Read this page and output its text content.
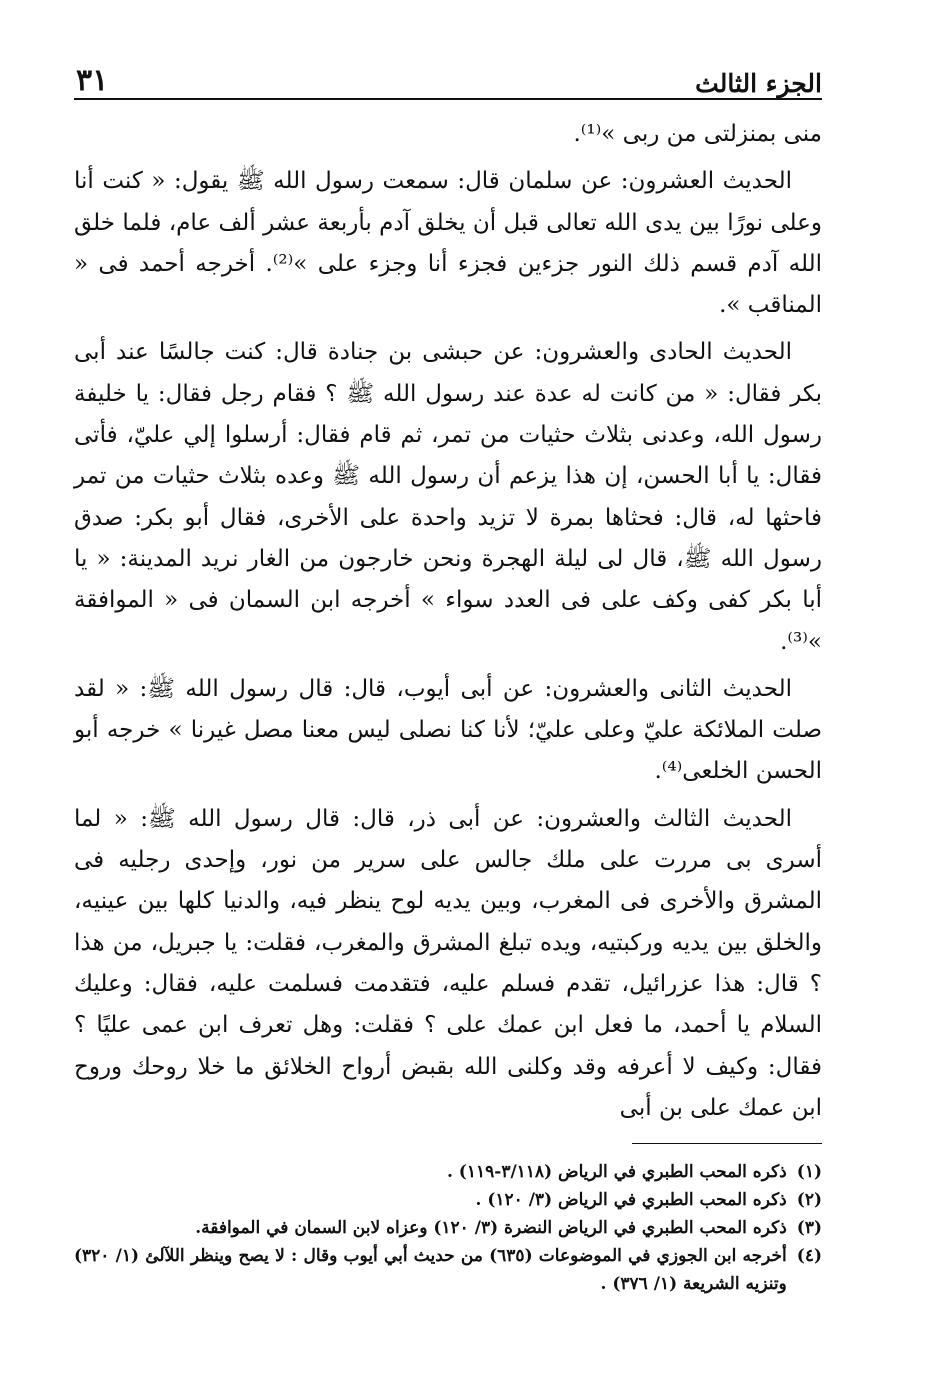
الجزء الثالث
٣١

منى بمنزلتى من ربى »⁽¹⁾.

الحديث العشرون: عن سلمان قال: سمعت رسول الله ﷺ يقول: « كنت أنا وعلى نورًا بين يدى الله تعالى قبل أن يخلق آدم بأربعة عشر ألف عام، فلما خلق الله آدم قسم ذلك النور جزءين فجزء أنا وجزء على »⁽²⁾. أخرجه أحمد فى « المناقب ».

الحديث الحادى والعشرون: عن حبشى بن جنادة قال: كنت جالسًا عند أبى بكر فقال: « من كانت له عدة عند رسول الله ﷺ ؟ فقام رجل فقال: يا خليفة رسول الله، وعدنى بثلاث حثيات من تمر، ثم قام فقال: أرسلوا إلي عليّ، فأتى فقال: يا أبا الحسن، إن هذا يزعم أن رسول الله ﷺ وعده بثلاث حثيات من تمر فاحثها له، قال: فحثاها بمرة لا تزيد واحدة على الأخرى، فقال أبو بكر: صدق رسول الله ﷺ، قال لى ليلة الهجرة ونحن خارجون من الغار نريد المدينة: « يا أبا بكر كفى وكف على فى العدد سواء » أخرجه ابن السمان فى « الموافقة »⁽³⁾.

الحديث الثانى والعشرون: عن أبى أيوب، قال: قال رسول الله ﷺ: « لقد صلت الملائكة عليّ وعلى عليّ؛ لأنا كنا نصلى ليس معنا مصل غيرنا » خرجه أبو الحسن الخلعى⁽⁴⁾.

الحديث الثالث والعشرون: عن أبى ذر، قال: قال رسول الله ﷺ: « لما أسرى بى مررت على ملك جالس على سرير من نور، وإحدى رجليه فى المشرق والأخرى فى المغرب، وبين يديه لوح ينظر فيه، والدنيا كلها بين عينيه، والخلق بين يديه وركبتيه، ويده تبلغ المشرق والمغرب، فقلت: يا جبريل، من هذا ؟ قال: هذا عزرائيل، تقدم فسلم عليه، فتقدمت فسلمت عليه، فقال: وعليك السلام يا أحمد، ما فعل ابن عمك على ؟ فقلت: وهل تعرف ابن عمى عليًا ؟ فقال: وكيف لا أعرفه وقد وكلنى الله بقبض أرواح الخلائق ما خلا روحك وروح ابن عمك على بن أبى

(١)
ذكره المحب الطبري في الرياض (٣/١١٨-١١٩) .
(٢)
ذكره المحب الطبري في الرياض (٣/ ١٢٠) .
(٣)
ذكره المحب الطبري في الرياض النضرة (٣/ ١٢٠) وعزاه لابن السمان في الموافقة.
(٤)
أخرجه ابن الجوزي في الموضوعات (٦٣٥) من حديث أبي أيوب وقال : لا يصح وينظر اللآلئ (١/ ٣٢٠) وتنزيه الشريعة (١/ ٣٧٦) .
